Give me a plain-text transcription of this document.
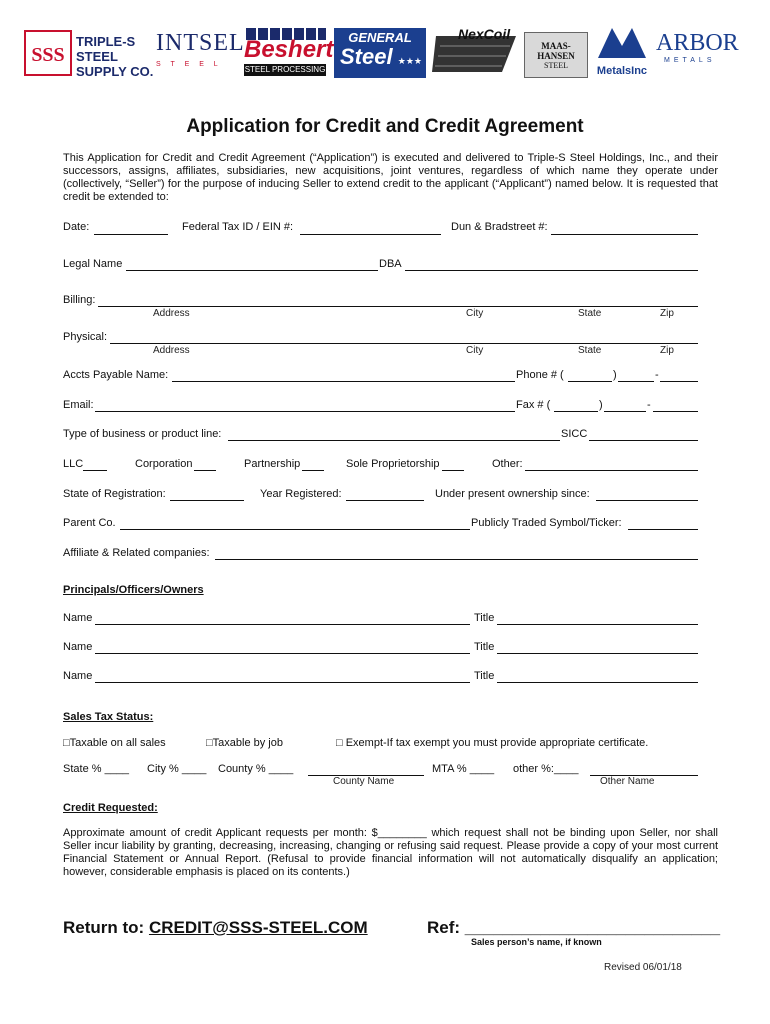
SSS
TRIPLE-S STEEL
SUPPLY CO.
INTSEL
S T E E L
Beshert
STEEL PROCESSING
GENERAL
Steel ★★★
NexCoil
MAAS-HANSEN
STEEL	MetalsInc
ARBOR
METALS
Application for Credit and Credit Agreement
This Application for Credit and Credit Agreement (“Application”) is executed and delivered to Triple-S Steel Holdings, Inc., and their successors, assigns, affiliates, subsidiaries, new acquisitions, joint ventures, regardless of which name they operate under (collectively, “Seller”) for the purpose of inducing Seller to extend credit to the applicant (“Applicant”) named below. It is requested that credit be extended to:
Date:	Federal Tax ID / EIN #:	Dun & Bradstreet #:
Legal Name	DBA
Billing:
Address	City	State	Zip
Physical:
Address	City	State	Zip
Accts Payable Name:	Phone # (	)	-
Email:	Fax # (	)	-
Type of business or product line:	SICC
LLC	Corporation	Partnership	Sole Proprietorship	Other:
State of Registration:	Year Registered:	Under present ownership since:
Parent Co.	Publicly Traded Symbol/Ticker:
Affiliate & Related companies:
Principals/Officers/Owners
Name	Title
Name	Title
Name	Title
Sales Tax Status:
□Taxable on all sales	□Taxable by job	□ Exempt-If tax exempt you must provide appropriate certificate.
State % ____ City % ____ County % ____	MTA % ____ other %:____
County Name	Other Name
Credit Requested:
Approximate amount of credit Applicant requests per month: $________ which request shall not be binding upon Seller, nor shall Seller incur liability by granting, decreasing, increasing, changing or refusing said request. Please provide a copy of your most current Financial Statement or Annual Report. (Refusal to provide financial information will not automatically disqualify an application; however, considerable emphasis is placed on its contents.)
Return to: CREDIT@SSS-STEEL.COM	Ref: ___________________________
Sales person’s name, if known
Revised 06/01/18
